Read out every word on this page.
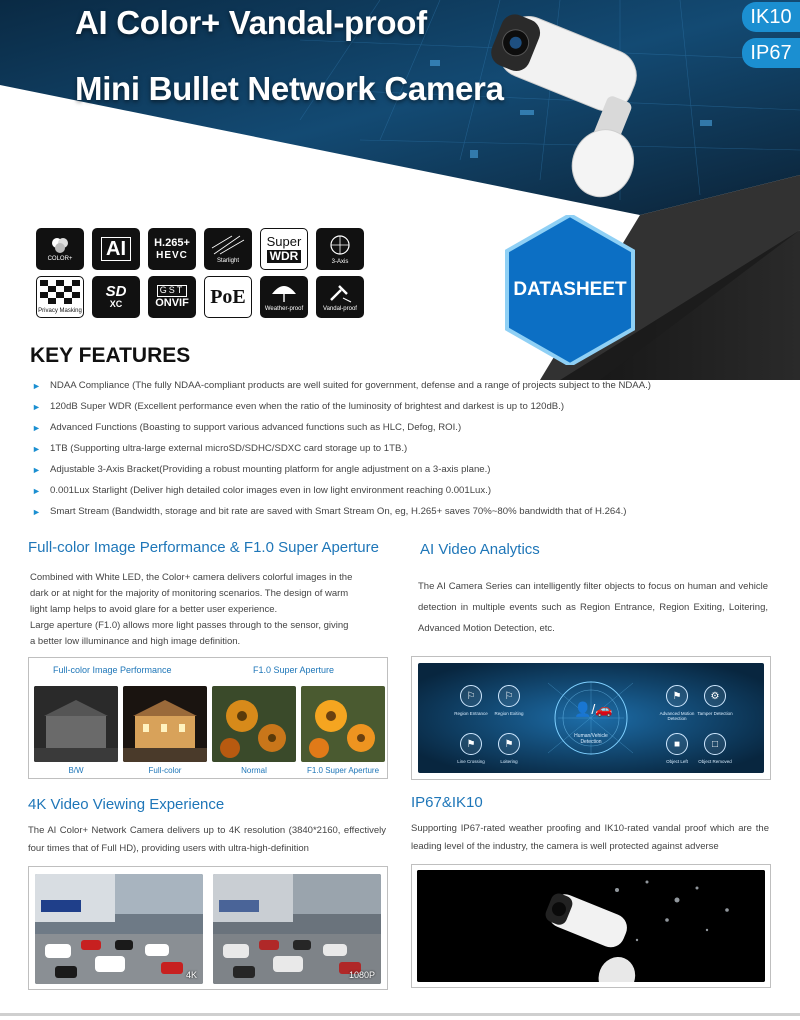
AI Color+ Vandal-proof
Mini Bullet Network Camera
IK10
IP67
COLOR+ AI	H.265+
HEVC
Starlight
Super
WDR	3-Axis
Privacy Masking
SD
XC
GST
ONVIF PoE
Weather-proof	Vandal-proof
DATASHEET
KEY FEATURES
► NDAA Compliance (The fully NDAA-compliant products are well suited for government, defense and a range of projects subject to the NDAA.)
► 120dB Super WDR (Excellent performance even when the ratio of the luminosity of brightest and darkest is up to 120dB.)
► Advanced Functions (Boasting to support various advanced functions such as HLC, Defog, ROI.)
► 1TB (Supporting ultra-large external microSD/SDHC/SDXC card storage up to 1TB.)
► Adjustable 3-Axis Bracket(Providing a robust mounting platform for angle adjustment on a 3-axis plane.)
► 0.001Lux Starlight (Deliver high detailed color images even in low light environment reaching 0.001Lux.)
► Smart Stream (Bandwidth, storage and bit rate are saved with Smart Stream On, eg, H.265+ saves 70%~80% bandwidth that of H.264.)
Full-color Image Performance & F1.0 Super Aperture
Combined with White LED, the Color+ camera delivers colorful images in the
dark or at night for the majority of monitoring scenarios. The design of warm
light lamp helps to avoid glare for a better user experience.
Large aperture (F1.0) allows more light passes through to the sensor, giving
a better low illuminance and high image definition.
Full-color Image Performance	F1.0 Super Aperture
B/W	Full-color	Normal	F1.0 Super Aperture
AI Video Analytics
The AI Camera Series can intelligently filter objects to focus on human and vehicle detection in multiple events such as Region Entrance, Region Exiting, Loitering, Advanced Motion Detection, etc.
👤/🚗
Human/Vehicle Detection
⚐
Region Entrance
⚐
Region Exiting
⚑
Line Crossing
⚑
Loitering
⚑
Advanced Motion Detection
⚙
Tamper Detection
■
Object Left
□
Object Removed
4K Video Viewing Experience
The AI Color+ Network Camera delivers up to 4K resolution (3840*2160, effectively four times that of Full HD), providing users with ultra-high-definition
4K	1080P
IP67&IK10
Supporting IP67-rated weather proofing and IK10-rated vandal proof which are the leading level of the industry, the camera is well protected against adverse
